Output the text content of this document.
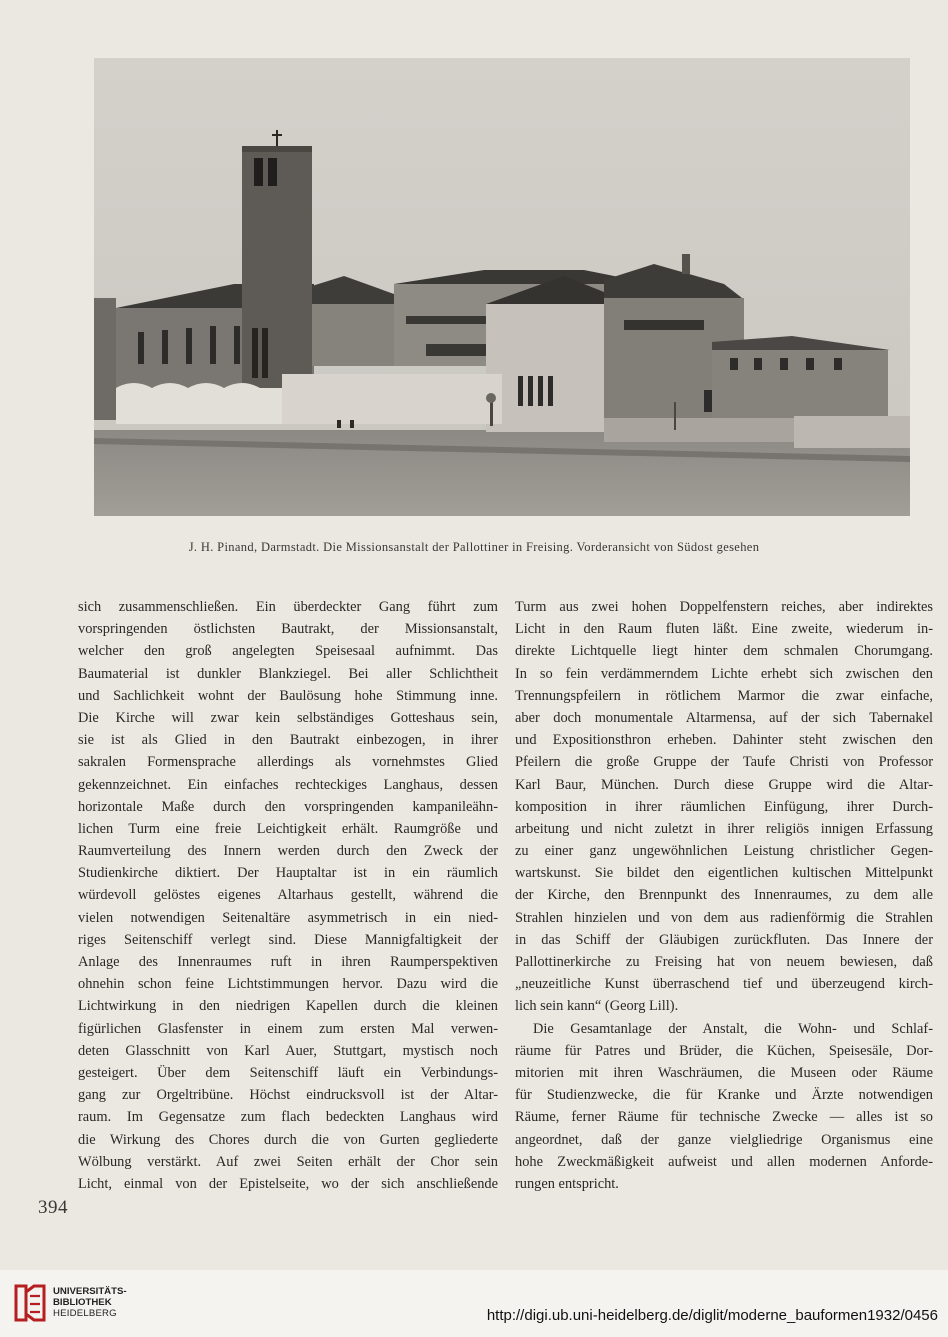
J. H. Pinand, Darmstadt. Die Missionsanstalt der Pallottiner in Freising. Vorderansicht von Südost gesehen
sich zusammenschließen. Ein überdeckter Gang führt zum
vorspringenden östlichsten Bautrakt, der Missionsanstalt,
welcher den groß angelegten Speisesaal aufnimmt. Das
Baumaterial ist dunkler Blankziegel. Bei aller Schlichtheit
und Sachlichkeit wohnt der Baulösung hohe Stimmung inne.
Die Kirche will zwar kein selbständiges Gotteshaus sein,
sie ist als Glied in den Bautrakt einbezogen, in ihrer
sakralen Formensprache allerdings als vornehmstes Glied
gekennzeichnet. Ein einfaches rechteckiges Langhaus, dessen
horizontale Maße durch den vorspringenden kampanileähn-
lichen Turm eine freie Leichtigkeit erhält. Raumgröße und
Raumverteilung des Innern werden durch den Zweck der
Studienkirche diktiert. Der Hauptaltar ist in ein räumlich
würdevoll gelöstes eigenes Altarhaus gestellt, während die
vielen notwendigen Seitenaltäre asymmetrisch in ein nied-
riges Seitenschiff verlegt sind. Diese Mannigfaltigkeit der
Anlage des Innenraumes ruft in ihren Raumperspektiven
ohnehin schon feine Lichtstimmungen hervor. Dazu wird die
Lichtwirkung in den niedrigen Kapellen durch die kleinen
figürlichen Glasfenster in einem zum ersten Mal verwen-
deten Glasschnitt von Karl Auer, Stuttgart, mystisch noch
gesteigert. Über dem Seitenschiff läuft ein Verbindungs-
gang zur Orgeltribüne. Höchst eindrucksvoll ist der Altar-
raum. Im Gegensatze zum flach bedeckten Langhaus wird
die Wirkung des Chores durch die von Gurten gegliederte
Wölbung verstärkt. Auf zwei Seiten erhält der Chor sein
Licht, einmal von der Epistelseite, wo der sich anschließende
Turm aus zwei hohen Doppelfenstern reiches, aber indirektes
Licht in den Raum fluten läßt. Eine zweite, wiederum in-
direkte Lichtquelle liegt hinter dem schmalen Chorumgang.
In so fein verdämmerndem Lichte erhebt sich zwischen den
Trennungspfeilern in rötlichem Marmor die zwar einfache,
aber doch monumentale Altarmensa, auf der sich Tabernakel
und Expositionsthron erheben. Dahinter steht zwischen den
Pfeilern die große Gruppe der Taufe Christi von Professor
Karl Baur, München. Durch diese Gruppe wird die Altar-
komposition in ihrer räumlichen Einfügung, ihrer Durch-
arbeitung und nicht zuletzt in ihrer religiös innigen Erfassung
zu einer ganz ungewöhnlichen Leistung christlicher Gegen-
wartskunst. Sie bildet den eigentlichen kultischen Mittelpunkt
der Kirche, den Brennpunkt des Innenraumes, zu dem alle
Strahlen hinzielen und von dem aus radienförmig die Strahlen
in das Schiff der Gläubigen zurückfluten. Das Innere der
Pallottinerkirche zu Freising hat von neuem bewiesen, daß
„neuzeitliche Kunst überraschend tief und überzeugend kirch-
lich sein kann“ (Georg Lill).
Die Gesamtanlage der Anstalt, die Wohn- und Schlaf-
räume für Patres und Brüder, die Küchen, Speisesäle, Dor-
mitorien mit ihren Waschräumen, die Museen oder Räume
für Studienzwecke, die für Kranke und Ärzte notwendigen
Räume, ferner Räume für technische Zwecke — alles ist so
angeordnet, daß der ganze vielgliedrige Organismus eine
hohe Zweckmäßigkeit aufweist und allen modernen Anforde-
rungen entspricht.
394
UNIVERSITÄTS-
BIBLIOTHEK
HEIDELBERG	http://digi.ub.uni-heidelberg.de/diglit/moderne_bauformen1932/0456
